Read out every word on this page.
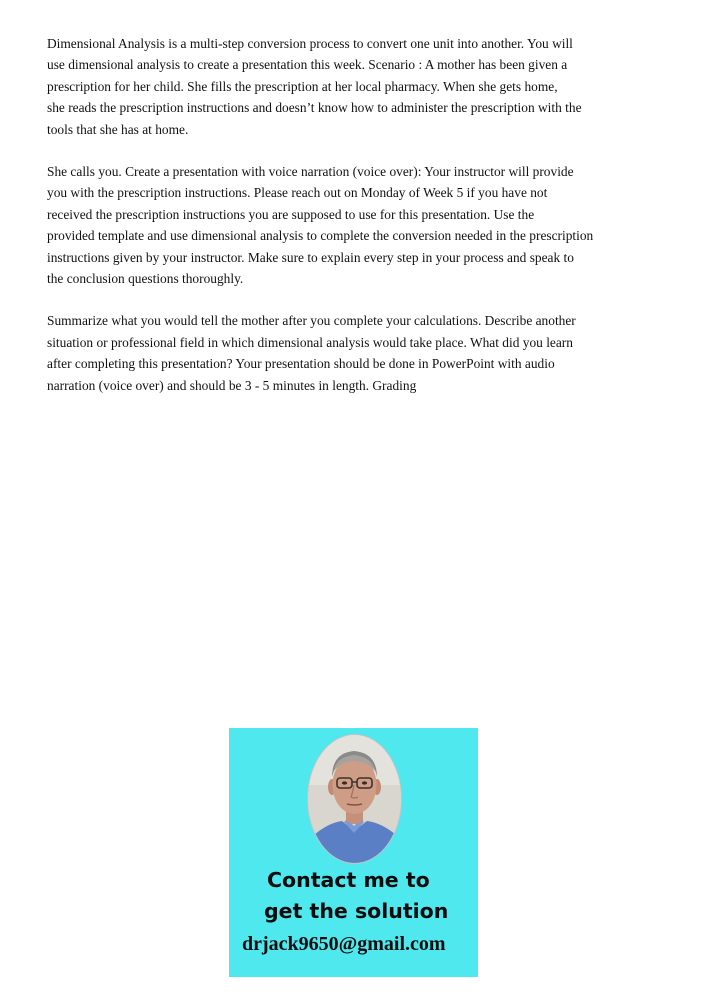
Dimensional Analysis is a multi-step conversion process to convert one unit into another. You will
use dimensional analysis to create a presentation this week. Scenario : A mother has been given a
prescription for her child. She fills the prescription at her local pharmacy. When she gets home,
she reads the prescription instructions and doesn’t know how to administer the prescription with the
tools that she has at home.
She calls you. Create a presentation with voice narration (voice over): Your instructor will provide
you with the prescription instructions. Please reach out on Monday of Week 5 if you have not
received the prescription instructions you are supposed to use for this presentation. Use the
provided template and use dimensional analysis to complete the conversion needed in the prescription
instructions given by your instructor. Make sure to explain every step in your process and speak to
the conclusion questions thoroughly.
Summarize what you would tell the mother after you complete your calculations. Describe another
situation or professional field in which dimensional analysis would take place. What did you learn
after completing this presentation? Your presentation should be done in PowerPoint with audio
narration (voice over) and should be 3 - 5 minutes in length. Grading
Contact me to
get the solution
drjack9650@gmail.com
